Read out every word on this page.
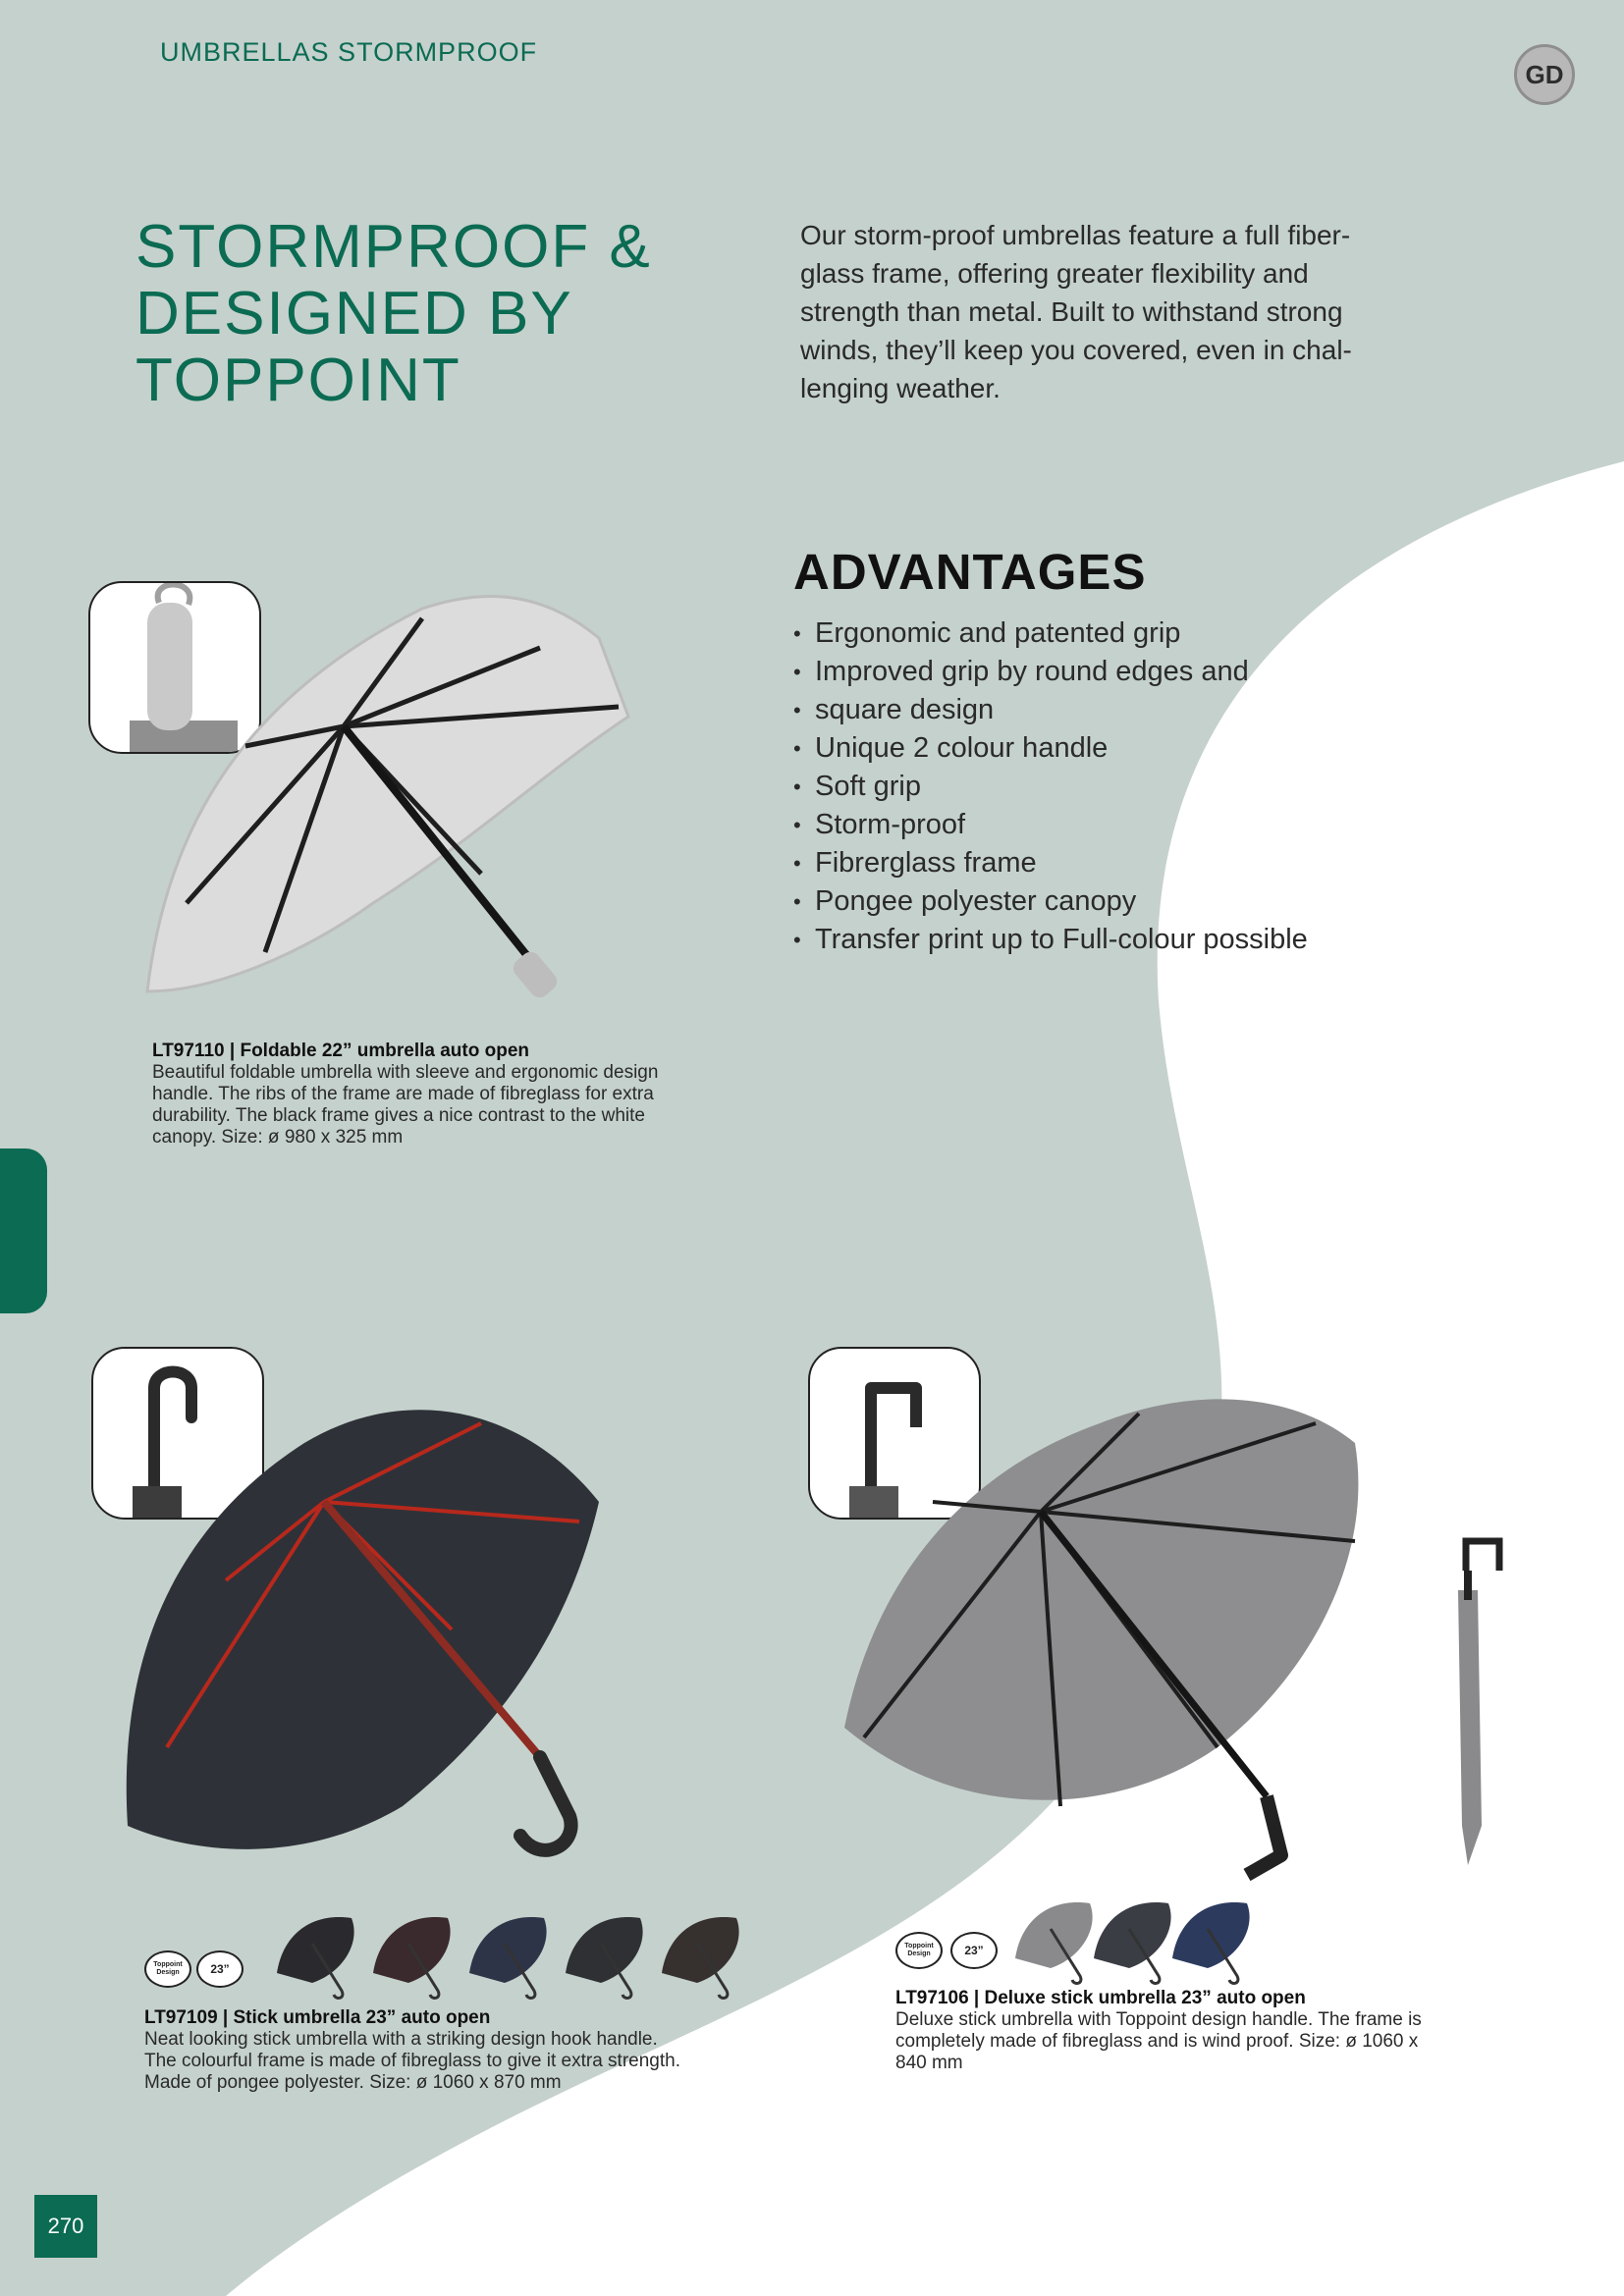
UMBRELLAS STORMPROOF
GD
STORMPROOF &
DESIGNED BY
TOPPOINT
Our storm-proof umbrellas feature a full fiber-
glass frame, offering greater flexibility and
strength than metal. Built to withstand strong
winds, they’ll keep you covered, even in chal-
lenging weather.
ADVANTAGES
• Ergonomic and patented grip
• Improved grip by round edges and
• square design
• Unique 2 colour handle
• Soft grip
• Storm-proof
• Fibrerglass frame
• Pongee polyester canopy
• Transfer print up to Full-colour possible
LT97110 | Foldable 22” umbrella auto open
Beautiful foldable umbrella with sleeve and ergonomic design
handle. The ribs of the frame are made of fibreglass for extra
durability. The black frame gives a nice contrast to the white
canopy. Size: ø 980 x 325 mm
Toppoint Design	23”
LT97109 | Stick umbrella 23” auto open
Neat looking stick umbrella with a striking design hook handle.
The colourful frame is made of fibreglass to give it extra strength.
Made of pongee polyester. Size: ø 1060 x 870 mm
Toppoint Design	23”
LT97106 | Deluxe stick umbrella 23” auto open
Deluxe stick umbrella with Toppoint design handle. The frame is
completely made of fibreglass and is wind proof. Size: ø 1060 x
840 mm
270
